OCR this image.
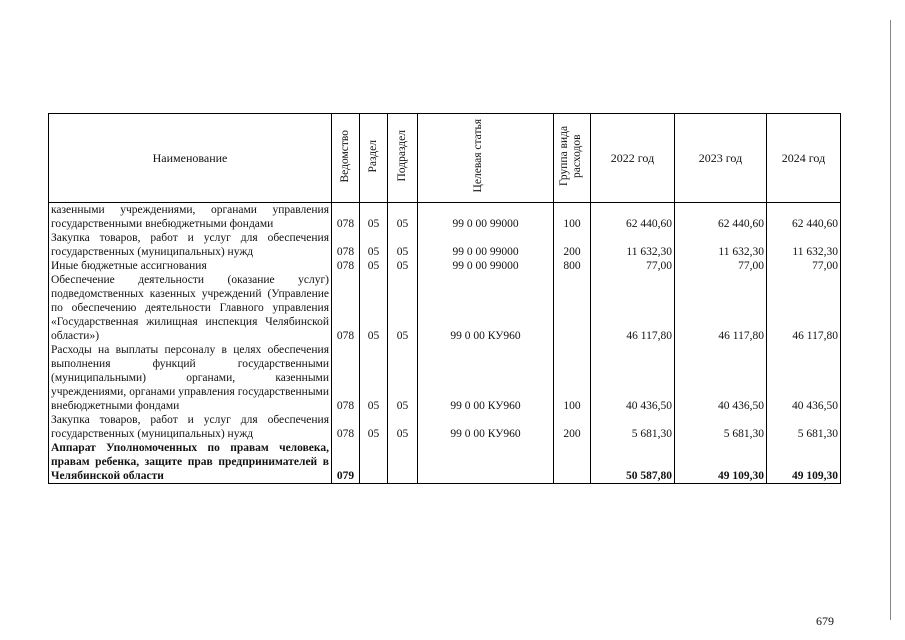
Наименование	Ведомство	Раздел	Подраздел	Целевая статья	Группа вида расходов	2022 год	2023 год	2024 год
казенными учреждениями, органами управления государственными внебюджетными фондами	078	05	05	99 0 00 99000	100	62 440,60	62 440,60	62 440,60
Закупка товаров, работ и услуг для обеспечения государственных (муниципальных) нужд	078	05	05	99 0 00 99000	200	11 632,30	11 632,30	11 632,30
Иные бюджетные ассигнования	078	05	05	99 0 00 99000	800	77,00	77,00	77,00
Обеспечение деятельности (оказание услуг) подведомственных казенных учреждений (Управление по обеспечению деятельности Главного управления «Государственная жилищная инспекция Челябинской области»)	078	05	05	99 0 00 КУ960		46 117,80	46 117,80	46 117,80
Расходы на выплаты персоналу в целях обеспечения выполнения функций государственными (муниципальными) органами, казенными учреждениями, органами управления государственными внебюджетными фондами	078	05	05	99 0 00 КУ960	100	40 436,50	40 436,50	40 436,50
Закупка товаров, работ и услуг для обеспечения государственных (муниципальных) нужд	078	05	05	99 0 00 КУ960	200	5 681,30	5 681,30	5 681,30
Аппарат Уполномоченных по правам человека, правам ребенка, защите прав предпринимателей в Челябинской области	079					50 587,80	49 109,30	49 109,30
679
